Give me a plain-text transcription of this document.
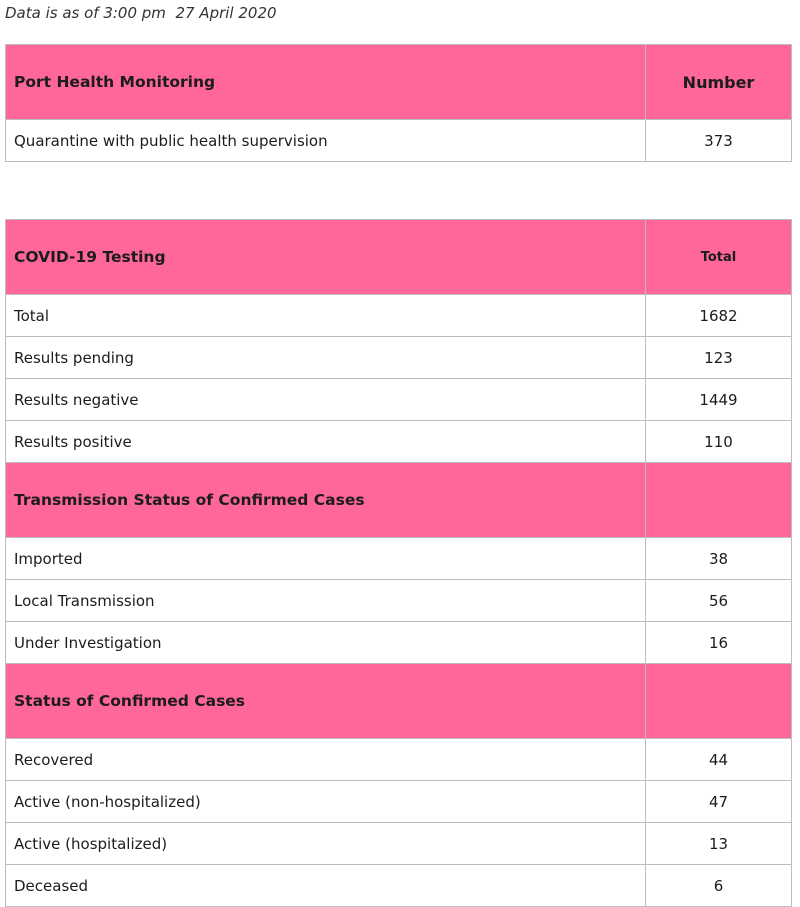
Data is as of 3:00 pm  27 April 2020
Port Health Monitoring	Number
Quarantine with public health supervision	373
COVID-19 Testing	Total
Total	1682
Results pending	123
Results negative	1449
Results positive	110
Transmission Status of Confirmed Cases	
Imported	38
Local Transmission	56
Under Investigation	16
Status of Confirmed Cases	
Recovered	44
Active (non-hospitalized)	47
Active (hospitalized)	13
Deceased	6
